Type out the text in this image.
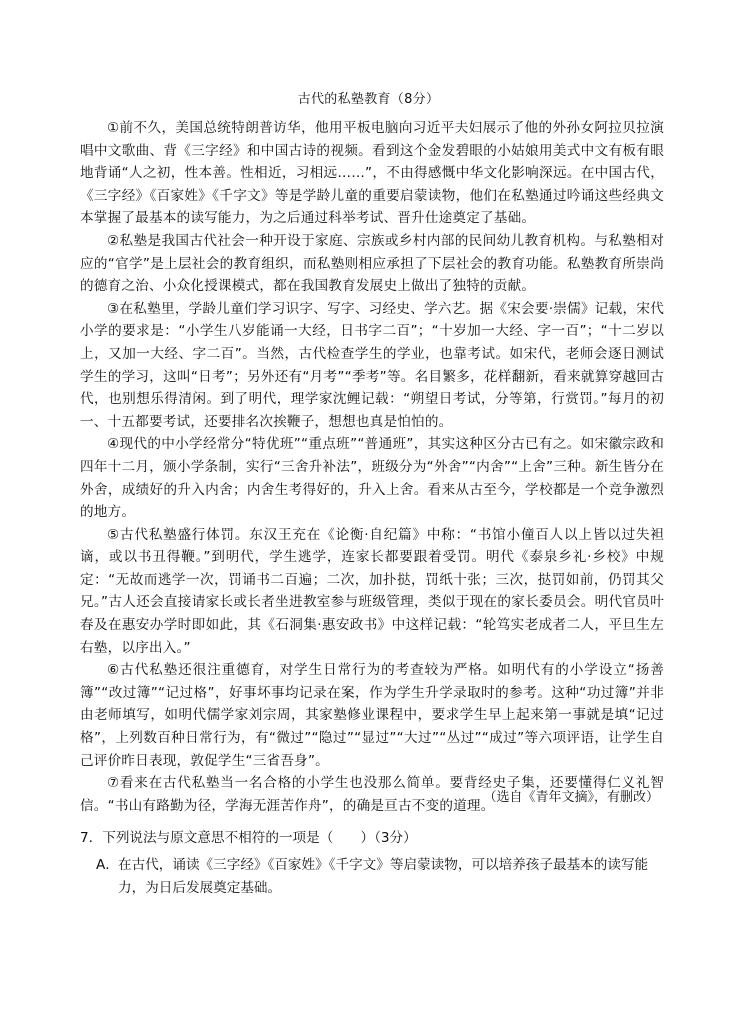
古代的私塾教育（8分）

①前不久，美国总统特朗普访华，他用平板电脑向习近平夫妇展示了他的外孙女阿拉贝拉演唱中文歌曲、背《三字经》和中国古诗的视频。看到这个金发碧眼的小姑娘用美式中文有板有眼地背诵“人之初，性本善。性相近，习相远……”，不由得感慨中华文化影响深远。在中国古代，《三字经》《百家姓》《千字文》等是学龄儿童的重要启蒙读物，他们在私塾通过吟诵这些经典文本掌握了最基本的读写能力，为之后通过科举考试、晋升仕途奠定了基础。

②私塾是我国古代社会一种开设于家庭、宗族或乡村内部的民间幼儿教育机构。与私塾相对应的“官学”是上层社会的教育组织，而私塾则相应承担了下层社会的教育功能。私塾教育所崇尚的德育之治、小众化授课模式，都在我国教育发展史上做出了独特的贡献。

③在私塾里，学龄儿童们学习识字、写字、习经史、学六艺。据《宋会要·崇儒》记载，宋代小学的要求是：“小学生八岁能诵一大经，日书字二百”；“十岁加一大经、字一百”；“十二岁以上，又加一大经、字二百”。当然，古代检查学生的学业，也靠考试。如宋代，老师会逐日测试学生的学习，这叫“日考”；另外还有“月考”“季考”等。名目繁多，花样翻新，看来就算穿越回古代，也别想乐得清闲。到了明代，理学家沈鲤记载：“朔望日考试，分等第，行赏罚。”每月的初一、十五都要考试，还要排名次挨鞭子，想想也真是怕怕的。

④现代的中小学经常分“特优班”“重点班”“普通班”，其实这种区分古已有之。如宋徽宗政和四年十二月，颁小学条制，实行“三舍升补法”，班级分为“外舍”“内舍”“上舍”三种。新生皆分在外舍，成绩好的升入内舍；内舍生考得好的，升入上舍。看来从古至今，学校都是一个竞争激烈的地方。

⑤古代私塾盛行体罚。东汉王充在《论衡·自纪篇》中称：“书馆小僮百人以上皆以过失袒谪，或以书丑得鞭。”到明代，学生逃学，连家长都要跟着受罚。明代《泰泉乡礼·乡校》中规定：“无故而逃学一次，罚诵书二百遍；二次，加扑挞，罚纸十张；三次，挞罚如前，仍罚其父兄。”古人还会直接请家长或长者坐进教室参与班级管理，类似于现在的家长委员会。明代官员叶春及在惠安办学时即如此，其《石洞集·惠安政书》中这样记载：“轮笃实老成者二人，平旦生左右塾，以序出入。”

⑥古代私塾还很注重德育，对学生日常行为的考查较为严格。如明代有的小学设立“扬善簿”“改过簿”“记过格”，好事坏事均记录在案，作为学生升学录取时的参考。这种“功过簿”并非由老师填写，如明代儒学家刘宗周，其家塾修业课程中，要求学生早上起来第一事就是填“记过格”，上列数百种日常行为，有“微过”“隐过”“显过”“大过”“丛过”“成过”等六项评语，让学生自己评价昨日表现，敦促学生“三省吾身”。

⑦看来在古代私塾当一名合格的小学生也没那么简单。要背经史子集，还要懂得仁义礼智信。“书山有路勤为径，学海无涯苦作舟”，的确是亘古不变的道理。

（选自《青年文摘》，有删改）
7．下列说法与原文意思不相符的一项是（　　）（3分）
A． 在古代，诵读《三字经》《百家姓》《千字文》等启蒙读物，可以培养孩子最基本的读写能力，为日后发展奠定基础。
